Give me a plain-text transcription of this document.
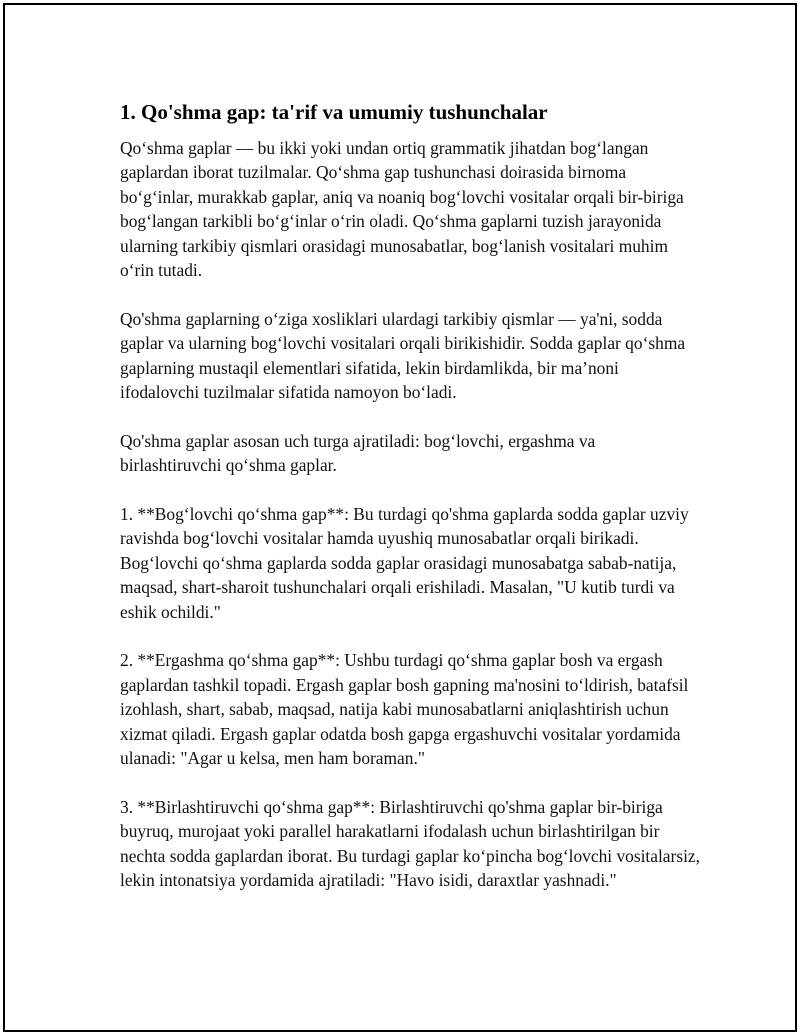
1. Qo'shma gap: ta'rif va umumiy tushunchalar

Qo‘shma gaplar — bu ikki yoki undan ortiq grammatik jihatdan bog‘langan gaplardan iborat tuzilmalar. Qo‘shma gap tushunchasi doirasida birnoma bo‘g‘inlar, murakkab gaplar, aniq va noaniq bog‘lovchi vositalar orqali bir-biriga bog‘langan tarkibli bo‘g‘inlar o‘rin oladi. Qo‘shma gaplarni tuzish jarayonida ularning tarkibiy qismlari orasidagi munosabatlar, bog‘lanish vositalari muhim o‘rin tutadi.

Qo'shma gaplarning o‘ziga xosliklari ulardagi tarkibiy qismlar — ya'ni, sodda gaplar va ularning bog‘lovchi vositalari orqali birikishidir. Sodda gaplar qo‘shma gaplarning mustaqil elementlari sifatida, lekin birdamlikda, bir ma’noni ifodalovchi tuzilmalar sifatida namoyon bo‘ladi.

Qo'shma gaplar asosan uch turga ajratiladi: bog‘lovchi, ergashma va birlashtiruvchi qo‘shma gaplar.

1. **Bog‘lovchi qo‘shma gap**: Bu turdagi qo'shma gaplarda sodda gaplar uzviy ravishda bog‘lovchi vositalar hamda uyushiq munosabatlar orqali birikadi. Bog‘lovchi qo‘shma gaplarda sodda gaplar orasidagi munosabatga sabab-natija, maqsad, shart-sharoit tushunchalari orqali erishiladi. Masalan, "U kutib turdi va eshik ochildi."

2. **Ergashma qo‘shma gap**: Ushbu turdagi qo‘shma gaplar bosh va ergash gaplardan tashkil topadi. Ergash gaplar bosh gapning ma'nosini to‘ldirish, batafsil izohlash, shart, sabab, maqsad, natija kabi munosabatlarni aniqlashtirish uchun xizmat qiladi. Ergash gaplar odatda bosh gapga ergashuvchi vositalar yordamida ulanadi: "Agar u kelsa, men ham boraman."

3. **Birlashtiruvchi qo‘shma gap**: Birlashtiruvchi qo'shma gaplar bir-biriga buyruq, murojaat yoki parallel harakatlarni ifodalash uchun birlashtirilgan bir nechta sodda gaplardan iborat. Bu turdagi gaplar ko‘pincha bog‘lovchi vositalarsiz, lekin intonatsiya yordamida ajratiladi: "Havo isidi, daraxtlar yashnadi."
